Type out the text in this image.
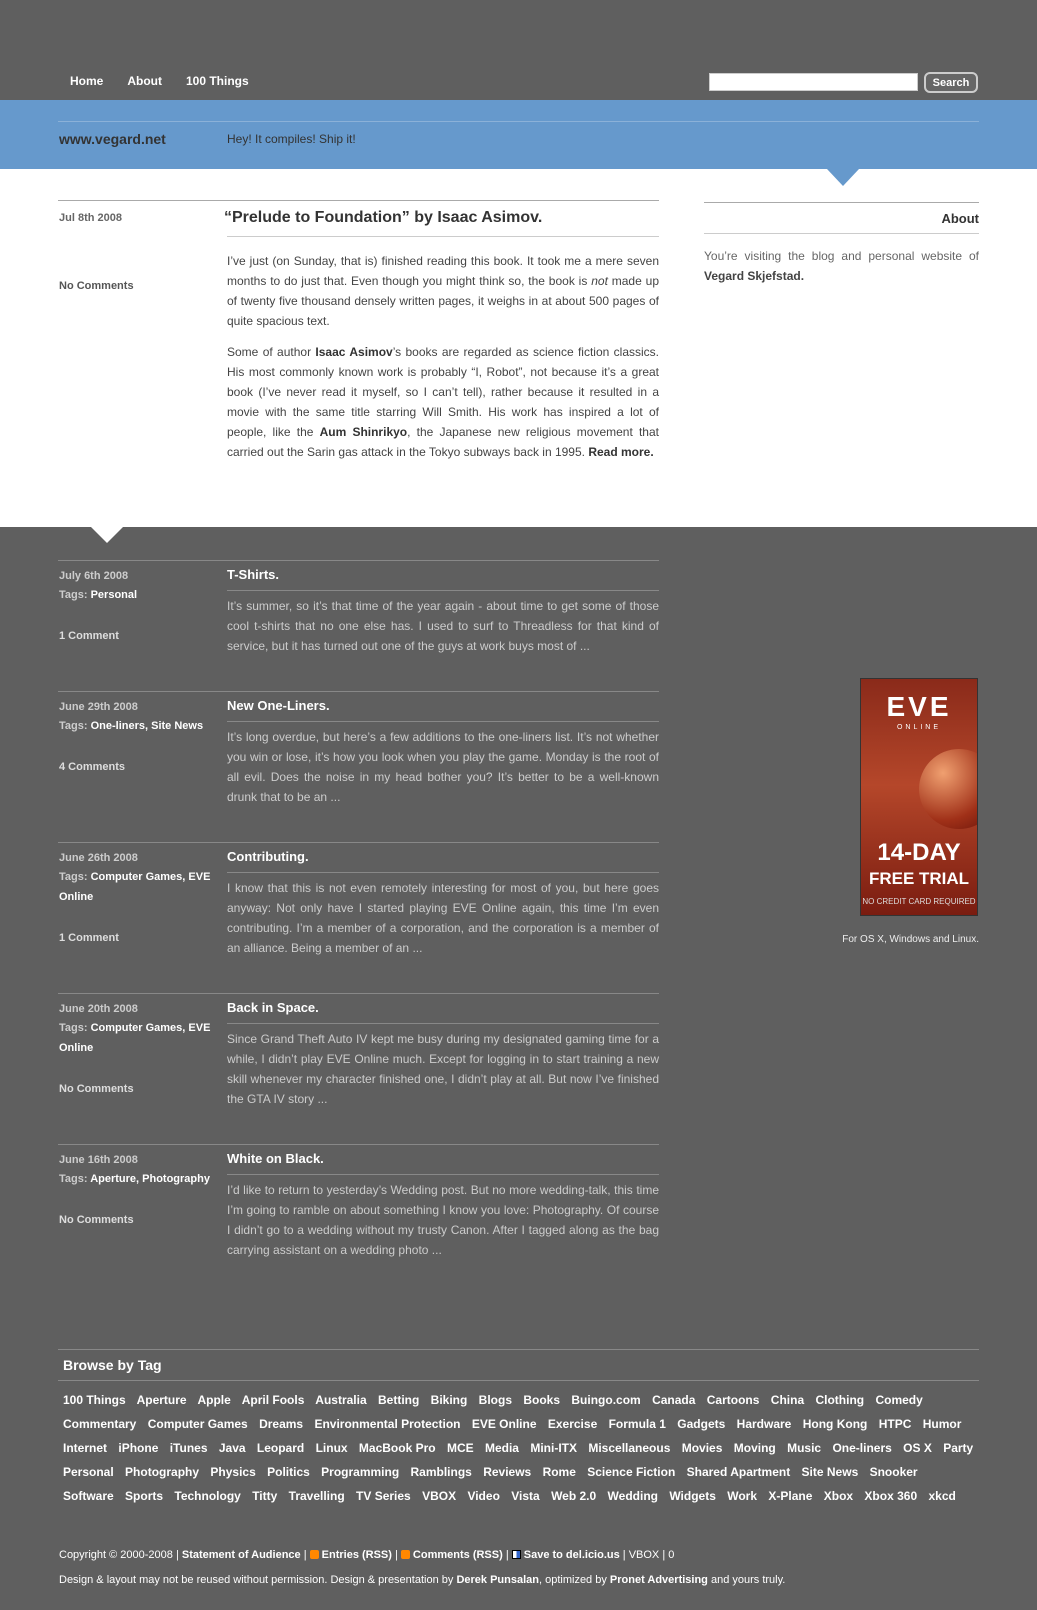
Home	About	100 Things	Search
www.vegard.net	Hey! It compiles! Ship it!
Jul 8th 2008
No Comments
“Prelude to Foundation” by Isaac Asimov.

I’ve just (on Sunday, that is) finished reading this book. It took me a mere seven months to do just that. Even though you might think so, the book is not made up of twenty five thousand densely written pages, it weighs in at about 500 pages of quite spacious text.

Some of author Isaac Asimov’s books are regarded as science fiction classics. His most commonly known work is probably “I, Robot”, not because it’s a great book (I’ve never read it myself, so I can’t tell), rather because it resulted in a movie with the same title starring Will Smith. His work has inspired a lot of people, like the Aum Shinrikyo, the Japanese new religious movement that carried out the Sarin gas attack in the Tokyo subways back in 1995. Read more.

About
You’re visiting the blog and personal website of Vegard Skjefstad.
July 6th 2008
Tags: Personal
1 Comment
T-Shirts.
It’s summer, so it’s that time of the year again - about time to get some of those cool t-shirts that no one else has. I used to surf to Threadless for that kind of service, but it has turned out one of the guys at work buys most of ...
June 29th 2008
Tags: One-liners, Site News
4 Comments
New One-Liners.
It’s long overdue, but here’s a few additions to the one-liners list. It’s not whether you win or lose, it’s how you look when you play the game. Monday is the root of all evil. Does the noise in my head bother you? It’s better to be a well-known drunk that to be an ...
June 26th 2008
Tags: Computer Games, EVE Online
1 Comment
Contributing.
I know that this is not even remotely interesting for most of you, but here goes anyway: Not only have I started playing EVE Online again, this time I’m even contributing. I’m a member of a corporation, and the corporation is a member of an alliance. Being a member of an ...
June 20th 2008
Tags: Computer Games, EVE Online
No Comments
Back in Space.
Since Grand Theft Auto IV kept me busy during my designated gaming time for a while, I didn’t play EVE Online much. Except for logging in to start training a new skill whenever my character finished one, I didn’t play at all. But now I’ve finished the GTA IV story ...
June 16th 2008
Tags: Aperture, Photography
No Comments
White on Black.
I’d like to return to yesterday’s Wedding post. But no more wedding-talk, this time I’m going to ramble on about something I know you love: Photography. Of course I didn’t go to a wedding without my trusty Canon. After I tagged along as the bag carrying assistant on a wedding photo ...
EVE
ONLINE
14-DAY
FREE TRIAL
NO CREDIT CARD REQUIRED
For OS X, Windows and Linux.
Browse by Tag
100 Things Aperture Apple April Fools Australia Betting Biking Blogs Books Buingo.com Canada Cartoons China Clothing Comedy Commentary Computer Games Dreams Environmental Protection EVE Online Exercise Formula 1 Gadgets Hardware Hong Kong HTPC Humor Internet iPhone iTunes Java Leopard Linux MacBook Pro MCE Media Mini-ITX Miscellaneous Movies Moving Music One-liners OS X Party Personal Photography Physics Politics Programming Ramblings Reviews Rome Science Fiction Shared Apartment Site News Snooker Software Sports Technology Titty Travelling TV Series VBOX Video Vista Web 2.0 Wedding Widgets Work X-Plane Xbox Xbox 360 xkcd
Copyright © 2000-2008 | Statement of Audience | Entries (RSS) | Comments (RSS) | Save to del.icio.us | VBOX | 0
Design & layout may not be reused without permission. Design & presentation by Derek Punsalan, optimized by Pronet Advertising and yours truly.
